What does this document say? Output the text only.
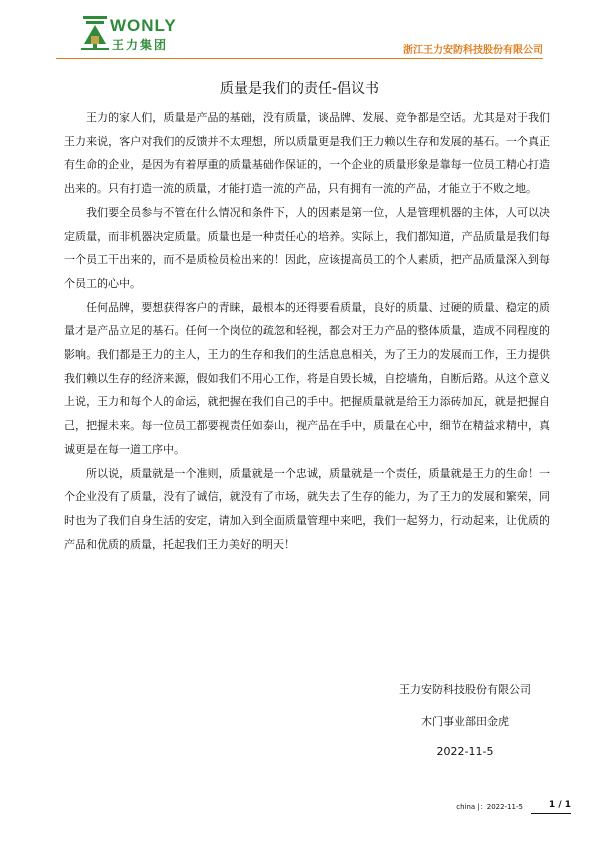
WONLY
王力集团	浙江王力安防科技股份有限公司
质量是我们的责任-倡议书

王力的家人们，质量是产品的基础，没有质量，谈品牌、发展、竞争都是空话。尤其是对于我们王力来说，客户对我们的反馈并不太理想，所以质量更是我们王力赖以生存和发展的基石。一个真正有生命的企业，是因为有着厚重的质量基础作保证的，一个企业的质量形象是靠每一位员工精心打造出来的。只有打造一流的质量，才能打造一流的产品，只有拥有一流的产品，才能立于不败之地。

我们要全员参与不管在什么情况和条件下，人的因素是第一位，人是管理机器的主体，人可以决定质量，而非机器决定质量。质量也是一种责任心的培养。实际上，我们都知道，产品质量是我们每一个员工干出来的，而不是质检员检出来的！因此，应该提高员工的个人素质，把产品质量深入到每个员工的心中。

任何品牌，要想获得客户的青睐，最根本的还得要看质量，良好的质量、过硬的质量、稳定的质量才是产品立足的基石。任何一个岗位的疏忽和轻视，都会对王力产品的整体质量，造成不同程度的影响。我们都是王力的主人，王力的生存和我们的生活息息相关，为了王力的发展而工作，王力提供我们赖以生存的经济来源，假如我们不用心工作，将是自毁长城，自挖墙角，自断后路。从这个意义上说，王力和每个人的命运，就把握在我们自己的手中。把握质量就是给王力添砖加瓦，就是把握自己，把握未来。每一位员工都要视责任如泰山，视产品在手中，质量在心中，细节在精益求精中，真诚更是在每一道工序中。

所以说，质量就是一个准则，质量就是一个忠诚，质量就是一个责任，质量就是王力的生命！一个企业没有了质量，没有了诚信，就没有了市场，就失去了生存的能力，为了王力的发展和繁荣，同时也为了我们自身生活的安定，请加入到全面质量管理中来吧，我们一起努力，行动起来，让优质的产品和优质的质量，托起我们王力美好的明天！

王力安防科技股份有限公司
木门事业部田金虎
2022-11-5
china |：2022-11-5	1 / 1
